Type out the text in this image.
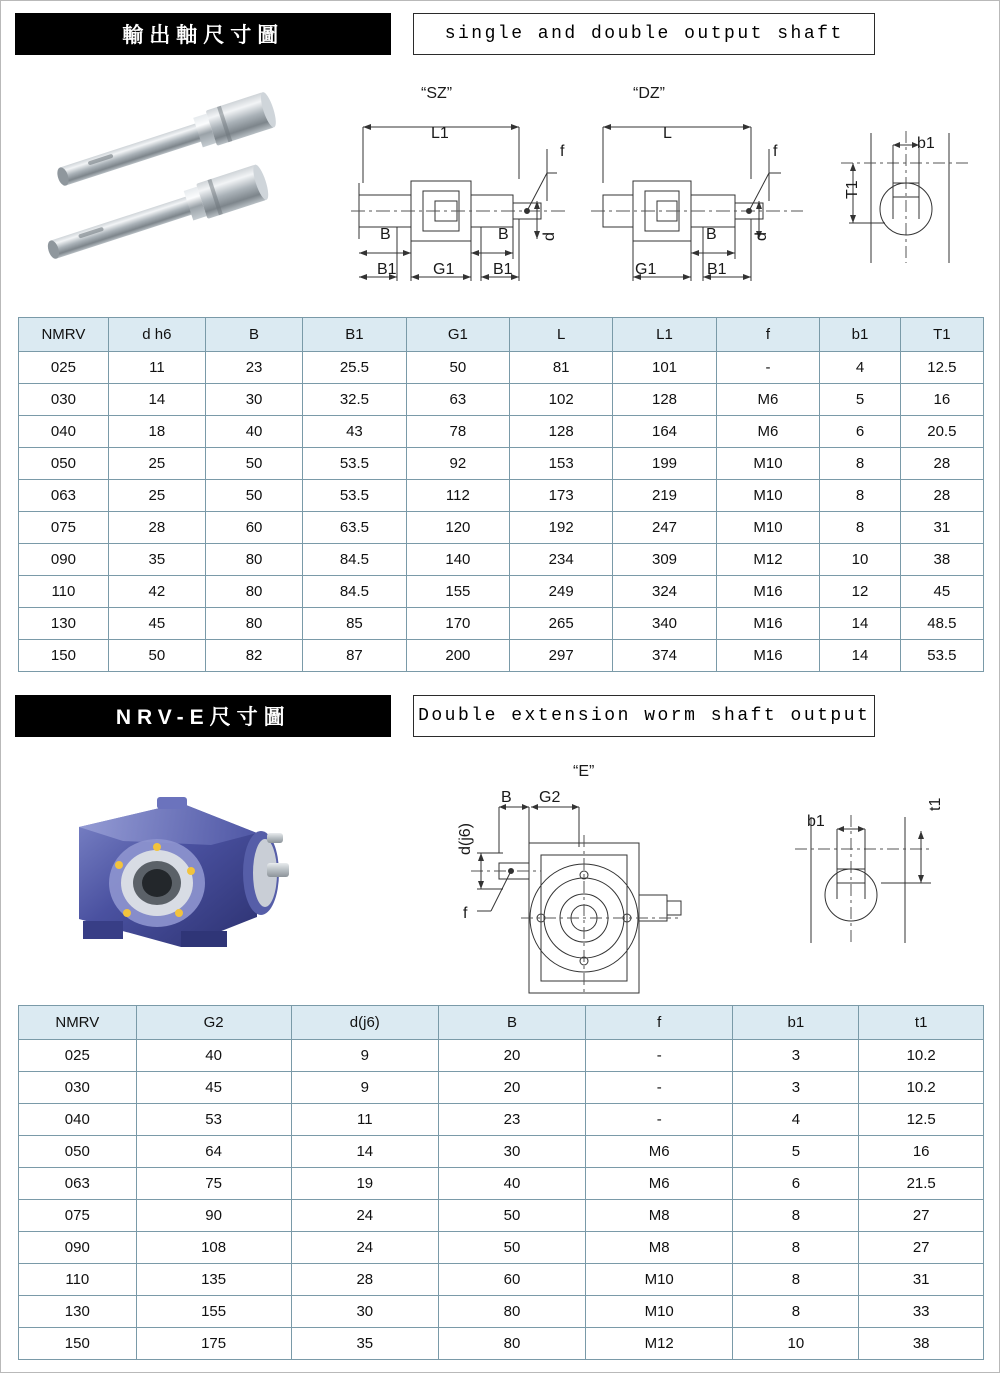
輸出軸尺寸圖	single and double output shaft
“SZ”	“DZ”
L1	L
f	f
B	B	B
B1 G1 B1	G1	B1
d	d
b1
T1
NMRV	d h6	B	B1	G1	L	L1	f	b1	T1
025	11	23	25.5	50	81	101	-	4	12.5
030	14	30	32.5	63	102	128	M6	5	16
040	18	40	43	78	128	164	M6	6	20.5
050	25	50	53.5	92	153	199	M10	8	28
063	25	50	53.5	112	173	219	M10	8	28
075	28	60	63.5	120	192	247	M10	8	31
090	35	80	84.5	140	234	309	M12	10	38
110	42	80	84.5	155	249	324	M16	12	45
130	45	80	85	170	265	340	M16	14	48.5
150	50	82	87	200	297	374	M16	14	53.5
NRV-E尺寸圖	Double extension worm shaft output
“E”
B G2
d(j6)
f
b1
t1
NMRV	G2	d(j6)	B	f	b1	t1
025	40	9	20	-	3	10.2
030	45	9	20	-	3	10.2
040	53	11	23	-	4	12.5
050	64	14	30	M6	5	16
063	75	19	40	M6	6	21.5
075	90	24	50	M8	8	27
090	108	24	50	M8	8	27
110	135	28	60	M10	8	31
130	155	30	80	M10	8	33
150	175	35	80	M12	10	38
